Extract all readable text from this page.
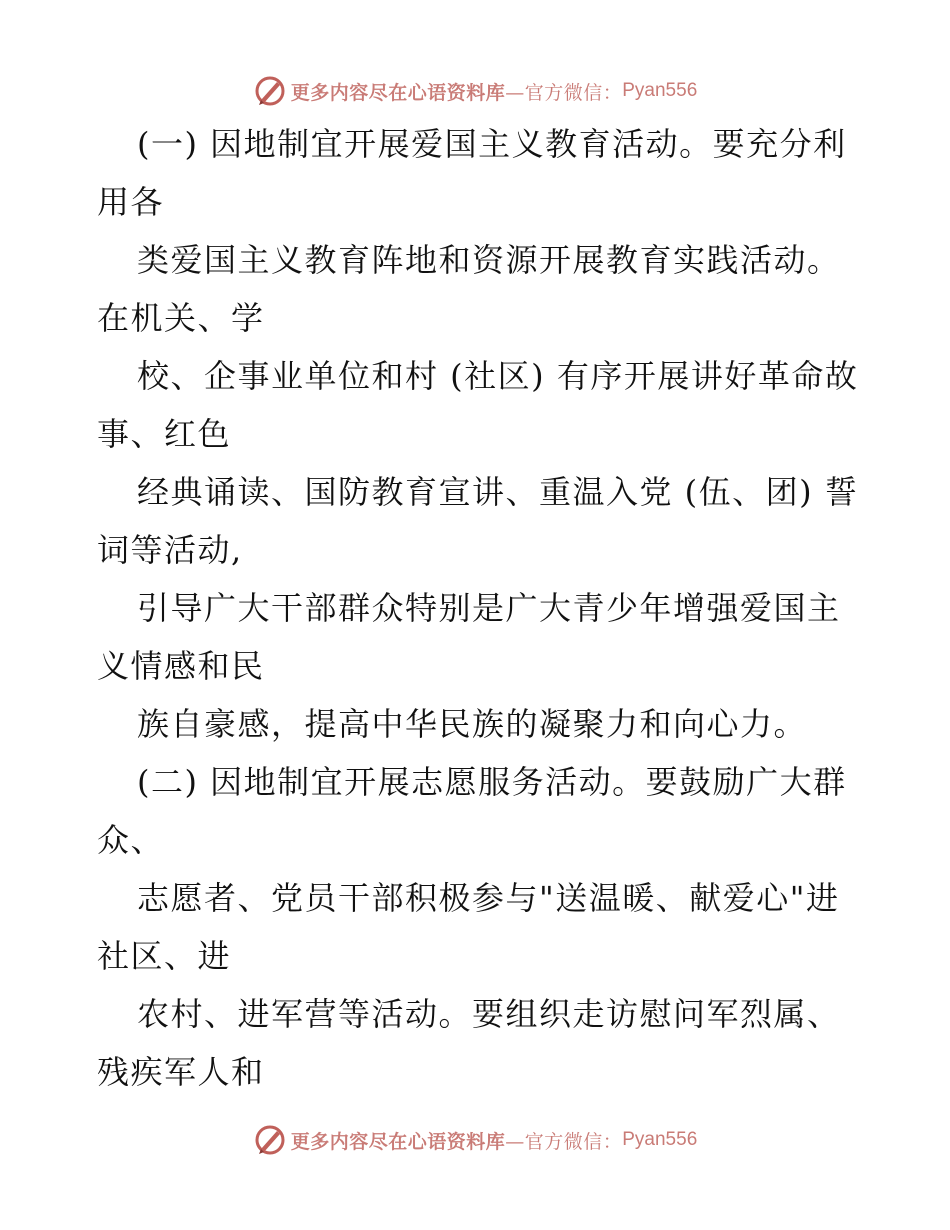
更多内容尽在心语资料库 —官方微信： Pyan556
(一) 因地制宜开展爱国主义教育活动。要充分利
用各
类爱国主义教育阵地和资源开展教育实践活动。
在机关、学
校、企事业单位和村 (社区) 有序开展讲好革命故
事、红色
经典诵读、国防教育宣讲、重温入党 (伍、团) 誓
词等活动,
引导广大干部群众特别是广大青少年增强爱国主
义情感和民
族自豪感，提高中华民族的凝聚力和向心力。
(二) 因地制宜开展志愿服务活动。要鼓励广大群
众、
志愿者、党员干部积极参与"送温暖、献爱心"进
社区、进
农村、进军营等活动。要组织走访慰问军烈属、
残疾军人和
更多内容尽在心语资料库 —官方微信： Pyan556
